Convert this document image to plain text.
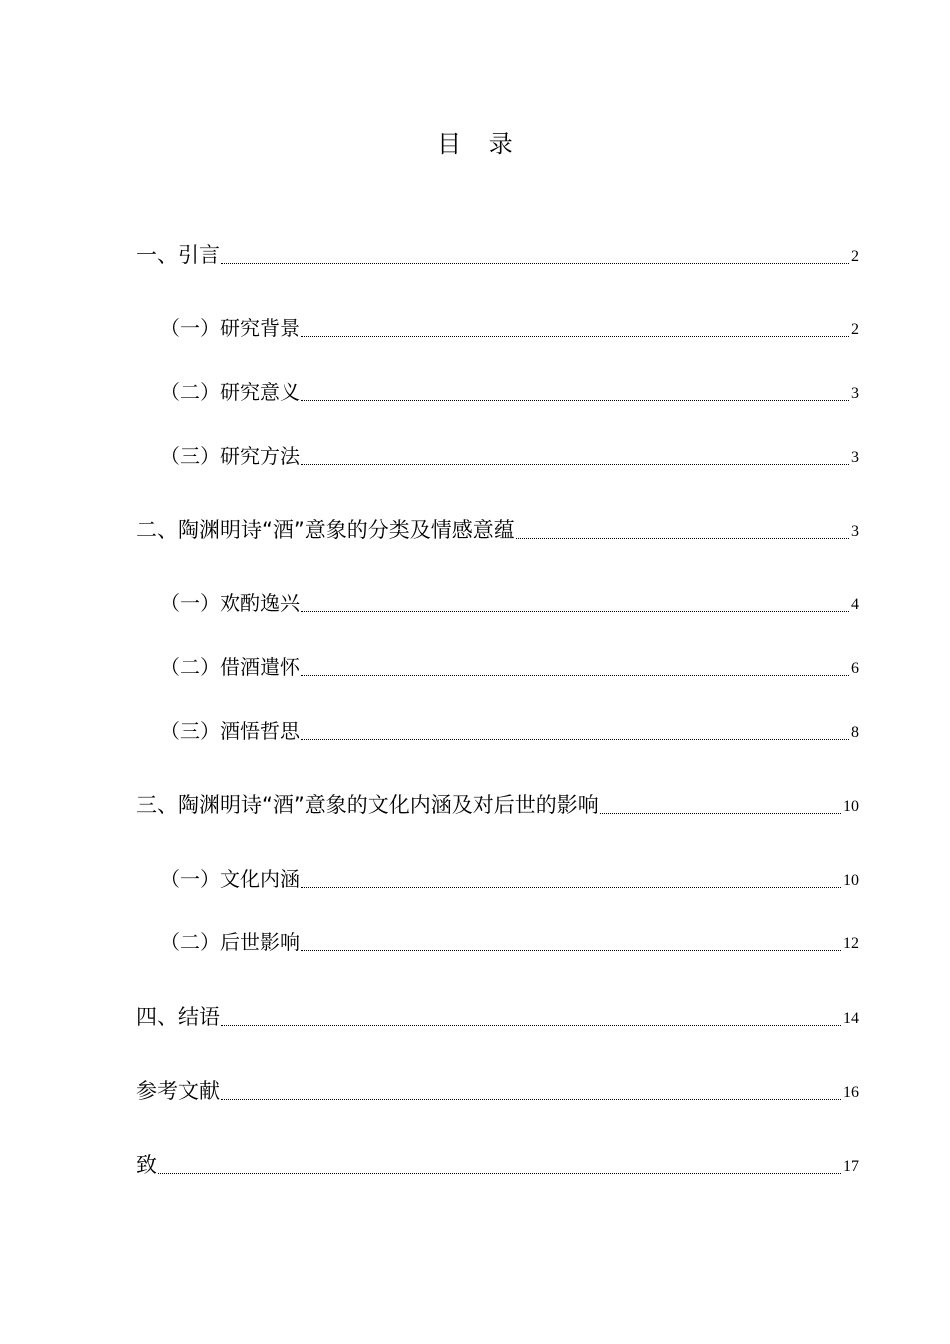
目 录
一、引言	2
（一）研究背景	2
（二）研究意义	3
（三）研究方法	3
二、陶渊明诗“酒”意象的分类及情感意蕴	3
（一）欢酌逸兴	4
（二）借酒遣怀	6
（三）酒悟哲思	8
三、陶渊明诗“酒”意象的文化内涵及对后世的影响	10
（一）文化内涵	10
（二）后世影响	12
四、结语	14
参考文献	16
致	17
